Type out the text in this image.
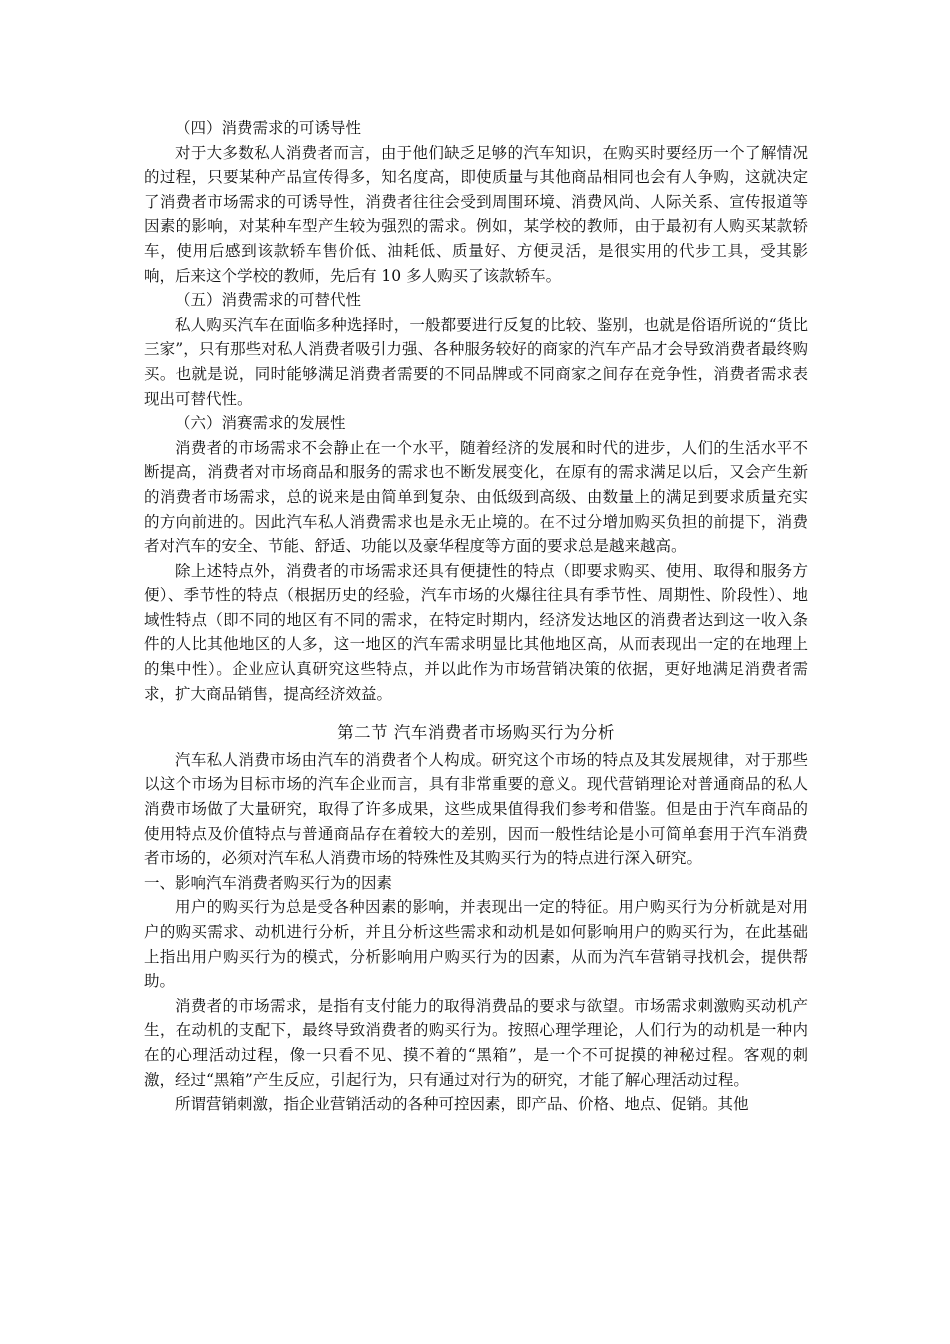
（四）消费需求的可诱导性

对于大多数私人消费者而言，由于他们缺乏足够的汽车知识，在购买时要经历一个了解情况的过程，只要某种产品宣传得多，知名度高，即使质量与其他商品相同也会有人争购，这就决定了消费者市场需求的可诱导性，消费者往往会受到周围环境、消费风尚、人际关系、宣传报道等因素的影响，对某种车型产生较为强烈的需求。例如，某学校的教师，由于最初有人购买某款轿车，使用后感到该款轿车售价低、油耗低、质量好、方便灵活，是很实用的代步工具，受其影响，后来这个学校的教师，先后有 10 多人购买了该款轿车。

（五）消费需求的可替代性

私人购买汽车在面临多种选择时，一般都要进行反复的比较、鉴别，也就是俗语所说的“货比三家”，只有那些对私人消费者吸引力强、各种服务较好的商家的汽车产品才会导致消费者最终购买。也就是说，同时能够满足消费者需要的不同品牌或不同商家之间存在竞争性，消费者需求表现出可替代性。

（六）消赛需求的发展性

消费者的市场需求不会静止在一个水平，随着经济的发展和时代的进步，人们的生活水平不断提高，消费者对市场商品和服务的需求也不断发展变化，在原有的需求满足以后，又会产生新的消费者市场需求，总的说来是由简单到复杂、由低级到高级、由数量上的满足到要求质量充实的方向前进的。因此汽车私人消费需求也是永无止境的。在不过分增加购买负担的前提下，消费者对汽车的安全、节能、舒适、功能以及豪华程度等方面的要求总是越来越高。

除上述特点外，消费者的市场需求还具有便捷性的特点（即要求购买、使用、取得和服务方便）、季节性的特点（根据历史的经验，汽车市场的火爆往往具有季节性、周期性、阶段性）、地域性特点（即不同的地区有不同的需求，在特定时期内，经济发达地区的消费者达到这一收入条件的人比其他地区的人多，这一地区的汽车需求明显比其他地区高，从而表现出一定的在地理上的集中性）。企业应认真研究这些特点，并以此作为市场营销决策的依据，更好地满足消费者需求，扩大商品销售，提高经济效益。

第二节 汽车消费者市场购买行为分析

汽车私人消费市场由汽车的消费者个人构成。研究这个市场的特点及其发展规律，对于那些以这个市场为目标市场的汽车企业而言，具有非常重要的意义。现代营销理论对普通商品的私人消费市场做了大量研究，取得了许多成果，这些成果值得我们参考和借鉴。但是由于汽车商品的使用特点及价值特点与普通商品存在着较大的差别，因而一般性结论是小可简单套用于汽车消费者市场的，必须对汽车私人消费市场的特殊性及其购买行为的特点进行深入研究。

一、影响汽车消费者购买行为的因素

用户的购买行为总是受各种因素的影响，并表现出一定的特征。用户购买行为分析就是对用户的购买需求、动机进行分析，并且分析这些需求和动机是如何影响用户的购买行为，在此基础上指出用户购买行为的模式，分析影响用户购买行为的因素，从而为汽车营销寻找机会，提供帮助。

消费者的市场需求，是指有支付能力的取得消费品的要求与欲望。市场需求刺激购买动机产生，在动机的支配下，最终导致消费者的购买行为。按照心理学理论，人们行为的动机是一种内在的心理活动过程，像一只看不见、摸不着的“黑箱”，是一个不可捉摸的神秘过程。客观的刺激，经过“黑箱”产生反应，引起行为，只有通过对行为的研究，才能了解心理活动过程。

所谓营销刺激，指企业营销活动的各种可控因素，即产品、价格、地点、促销。其他
